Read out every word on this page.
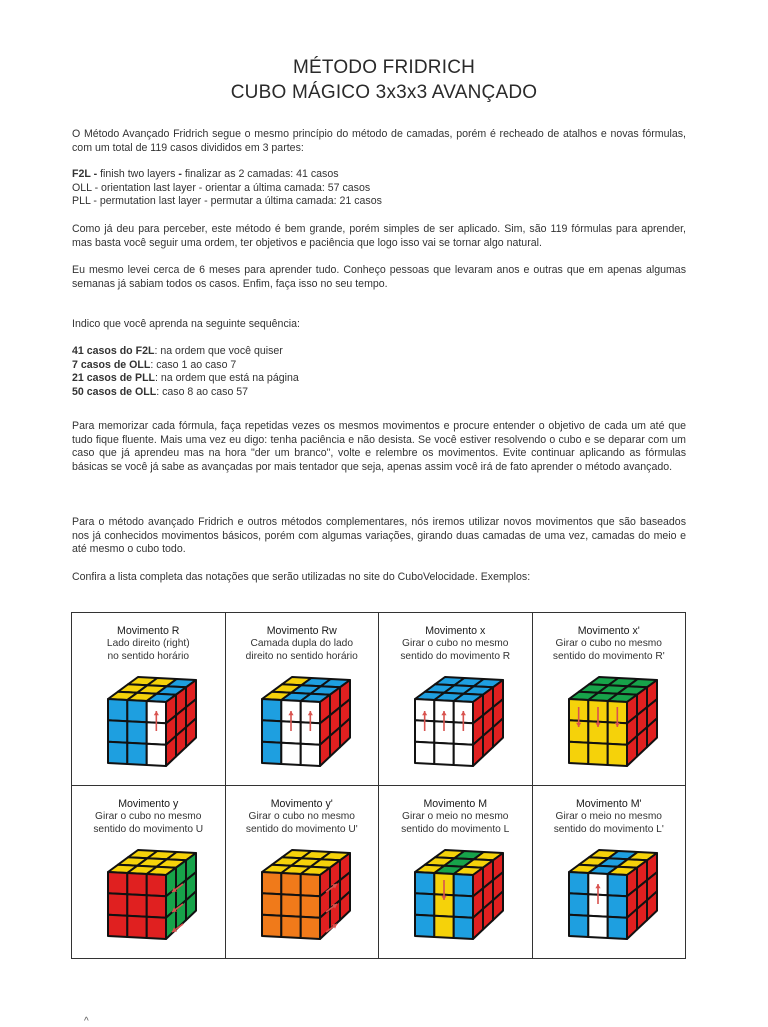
MÉTODO FRIDRICH
CUBO MÁGICO 3x3x3 AVANÇADO

O Método Avançado Fridrich segue o mesmo princípio do método de camadas, porém é recheado de atalhos e novas fórmulas, com um total de 119 casos divididos em 3 partes:

F2L - finish two layers - finalizar as 2 camadas: 41 casos

OLL - orientation last layer - orientar a última camada: 57 casos

PLL - permutation last layer - permutar a última camada: 21 casos

Como já deu para perceber, este método é bem grande, porém simples de ser aplicado. Sim, são 119 fórmulas para aprender, mas basta você seguir uma ordem, ter objetivos e paciência que logo isso vai se tornar algo natural.

Eu mesmo levei cerca de 6 meses para aprender tudo. Conheço pessoas que levaram anos e outras que em apenas algumas semanas já sabiam todos os casos. Enfim, faça isso no seu tempo.

Indico que você aprenda na seguinte sequência:

41 casos do F2L: na ordem que você quiser

7 casos de OLL: caso 1 ao caso 7

21 casos de PLL: na ordem que está na página

50 casos de OLL: caso 8 ao caso 57

Para memorizar cada fórmula, faça repetidas vezes os mesmos movimentos e procure entender o objetivo de cada um até que tudo fique fluente. Mais uma vez eu digo: tenha paciência e não desista. Se você estiver resolvendo o cubo e se deparar com um caso que já aprendeu mas na hora "der um branco", volte e relembre os movimentos. Evite continuar aplicando as fórmulas básicas se você já sabe as avançadas por mais tentador que seja, apenas assim você irá de fato aprender o método avançado.

Para o método avançado Fridrich e outros métodos complementares, nós iremos utilizar novos movimentos que são baseados nos já conhecidos movimentos básicos, porém com algumas variações, girando duas camadas de uma vez, camadas do meio e até mesmo o cubo todo.

Confira a lista completa das notações que serão utilizadas no site do CuboVelocidade. Exemplos:

Movimento R
Lado direito (right)
no sentido horário	Movimento Rw
Camada dupla do lado
direito no sentido horário	Movimento x
Girar o cubo no mesmo
sentido do movimento R	Movimento x'
Girar o cubo no mesmo
sentido do movimento R'

Movimento y
Girar o cubo no mesmo
sentido do movimento U	Movimento y'
Girar o cubo no mesmo
sentido do movimento U'	Movimento M
Girar o meio no mesmo
sentido do movimento L	Movimento M'
Girar o meio no mesmo
sentido do movimento L'
^
